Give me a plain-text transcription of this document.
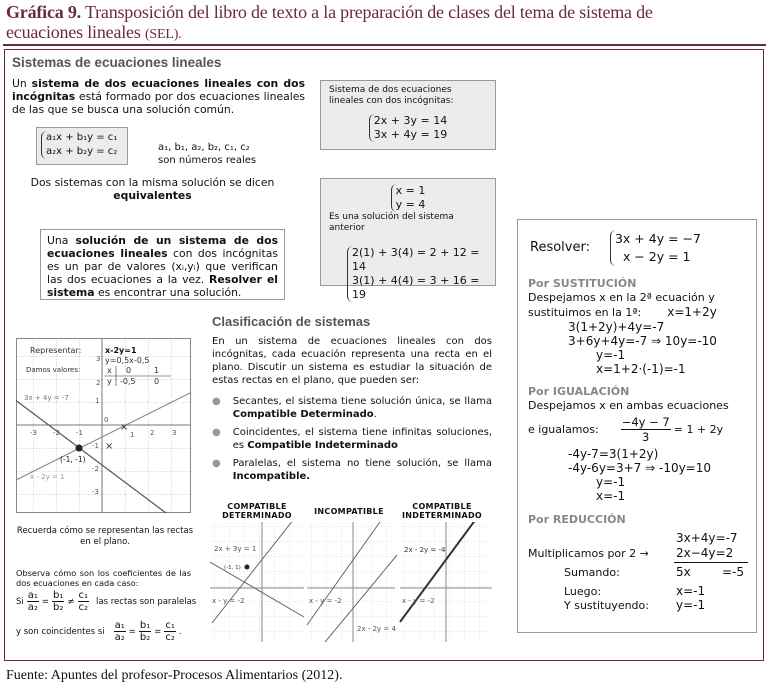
Gráfica 9. Transposición del libro de texto a la preparación de clases del tema de sistema de
ecuaciones lineales (SEL).
Sistemas de ecuaciones lineales
Un sistema de dos ecuaciones lineales con dos incógnitas está formado por dos ecuaciones lineales de las que se busca una solución común.
a₁x + b₁y = c₁
a₂x + b₂y = c₂	a₁, b₁, a₂, b₂, c₁, c₂
son números reales
Dos sistemas con la misma solución se dicen
equivalentes
Una solución de un sistema de dos ecuaciones lineales con dos incógnitas es un par de valores (xᵢ,yᵢ) que verifican las dos ecuaciones a la vez. Resolver el sistema es encontrar una solución.
×
×
-3 -2 -1
0
1 2	3
3
2
1
-1
-2
-3
Representar:	x-2y=1
y=0,5x-0,5
Damos valores:	x 0	1
y -0,5 0
3x + 4y = -7
x - 2y = 1
(-1, -1)
Recuerda cómo se representan las rectas en el plano.
Observa cómo son los coeficientes de las dos ecuaciones en cada caso:
Si $\frac{\text{a₁}}{\text{a₂}} = \frac{\text{b₁}}{\text{b₂}} \ne \frac{\text{c₁}}{\text{c₂}}$ las rectas son paralelas
y son coincidentes si $\frac{\text{a₁}}{\text{a₂}} = \frac{\text{b₁}}{\text{b₂}} = \frac{\text{c₁}}{\text{c₂}}$ .
Sistema de dos ecuaciones lineales con dos incógnitas:
2x + 3y = 14
3x + 4y = 19
x = 1
y = 4
Es una solución del sistema anterior
2(1) + 3(4) = 2 + 12 = 14
3(1) + 4(4) = 3 + 16 = 19
Clasificación de sistemas
En un sistema de ecuaciones lineales con dos incógnitas, cada ecuación representa una recta en el plano. Discutir un sistema es estudiar la situación de estas rectas en el plano, que pueden ser:
● Secantes, el sistema tiene solución única, se llama Compatible Determinado.
● Coincidentes, el sistema tiene infinitas soluciones, es Compatible Indeterminado
● Paralelas, el sistema no tiene solución, se llama Incompatible.
COMPATIBLE DETERMINADO	INCOMPATIBLE
COMPATIBLE INDETERMINADO
2x + 3y = 1
x - y = -2
(-1, 1)
x - y = -2
2x - 2y = 4
2x - 2y = -4
x - y = -2
Resolver:
3x + 4y = −7
x − 2y = 1
Por SUSTITUCIÓN
Despejamos x en la 2ª ecuación y
sustituimos en la 1ª: x=1+2y
3(1+2y)+4y=-7
3+6y+4y=-7 ⇒ 10y=-10
y=-1
x=1+2·(-1)=-1
Por IGUALACIÓN
Despejamos x en ambas ecuaciones
e igualamos: $\frac{-4y - 7}{3} = 1 + 2y$
-4y-7=3(1+2y)
-4y-6y=3+7 ⇒ -10y=10
y=-1
x=-1
Por REDUCCIÓN
3x+4y=-7
Multiplicamos por 2 → 2x−4y=2
Sumando:	5x	=-5
Luego:	x=-1
Y sustituyendo: y=-1
Fuente: Apuntes del profesor-Procesos Alimentarios (2012).
